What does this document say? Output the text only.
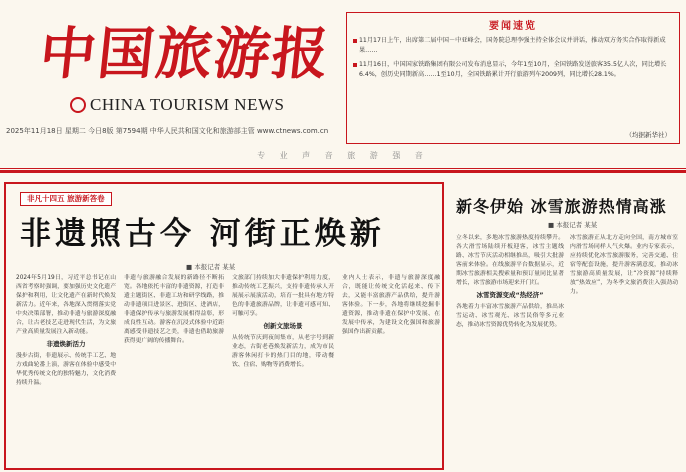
中国旅游报
CHINA TOURISM NEWS
2025年11月18日 星期二 今日8版 第7594期 中华人民共和国文化和旅游部主管 www.ctnews.com.cn
要闻速览
11月17日上午，出席第二届中国－中亚峰会，国务院总理李强主持全体会议并讲话，推动双方务实合作取得新成果……
11月16日，中国国家铁路集团有限公司发布消息显示，今年1至10月，全国铁路发送旅客35.5亿人次，同比增长6.4%，创历史同期新高……1至10月，全国铁路累计开行旅游列车2009列，同比增长28.1%。
（均据新华社）
专 业 声 音 旅 游 强 音
非凡十四五 旅游新答卷
非遗照古今 河街正焕新
■ 本报记者 某某
2024年5月19日，习近平总书记在山西省考察时强调，要加强历史文化遗产保护和利用，让文化遗产在新时代焕发新活力。近年来，各地深入贯彻落实党中央决策部署，推动非遗与旅游深度融合，让古老技艺走进现代生活，为文旅产业高质量发展注入新动能。
非遗焕新活力
漫步古街，非遗展示、传统手工艺、地方戏曲轮番上演，游客在体验中感受中华优秀传统文化的独特魅力，文化消费持续升温。
非遗与旅游融合发展的新路径不断拓宽。各地依托丰富的非遗资源，打造非遗主题街区、非遗工坊和研学线路，推动非遗项目进景区、进街区、进酒店，非遗保护传承与旅游发展相得益彰，形成良性互动。游客在沉浸式体验中近距离感受非遗技艺之美，非遗也借助旅游获得更广阔的传播舞台。
文旅部门持续加大非遗保护利用力度，推动传统工艺振兴，支持非遗传承人开展展示展演活动，培育一批具有地方特色的非遗旅游品牌，让非遗可感可知、可触可享。
创新文旅场景
从传统节庆到夜间集市，从老字号到新业态，古街老巷焕发新活力，成为市民游客休闲打卡的热门目的地，带动餐饮、住宿、购物等消费增长。
业内人士表示，非遗与旅游深度融合，既能让传统文化活起来、传下去，又能丰富旅游产品供给，提升游客体验。下一步，各地将继续挖掘非遗资源，推动非遗在保护中发展、在发展中传承，为建设文化强国和旅游强国作出新贡献。
新冬伊始 冰雪旅游热情高涨
■ 本报记者 某某
立冬以来，多地冰雪旅游热度持续攀升。各大滑雪场陆续开板迎客，冰雪主题线路、冰雪节庆活动相继推出，吸引大批游客前来体验。在线旅游平台数据显示，近期冰雪旅游相关搜索量和预订量同比显著增长，冰雪旅游市场迎来开门红。
冰雪资源变成“热经济”
各地着力丰富冰雪旅游产品供给，推出冰雪运动、冰雪观光、冰雪民俗等多元业态，推动冰雪资源优势转化为发展优势。
冰雪旅游正从北方走向全国，南方城市室内滑雪场同样人气火爆。业内专家表示，应持续优化冰雪旅游服务，完善交通、住宿等配套设施，提升游客满意度，推动冰雪旅游高质量发展，让“冷资源”持续释放“热效应”，为冬季文旅消费注入强劲动力。
